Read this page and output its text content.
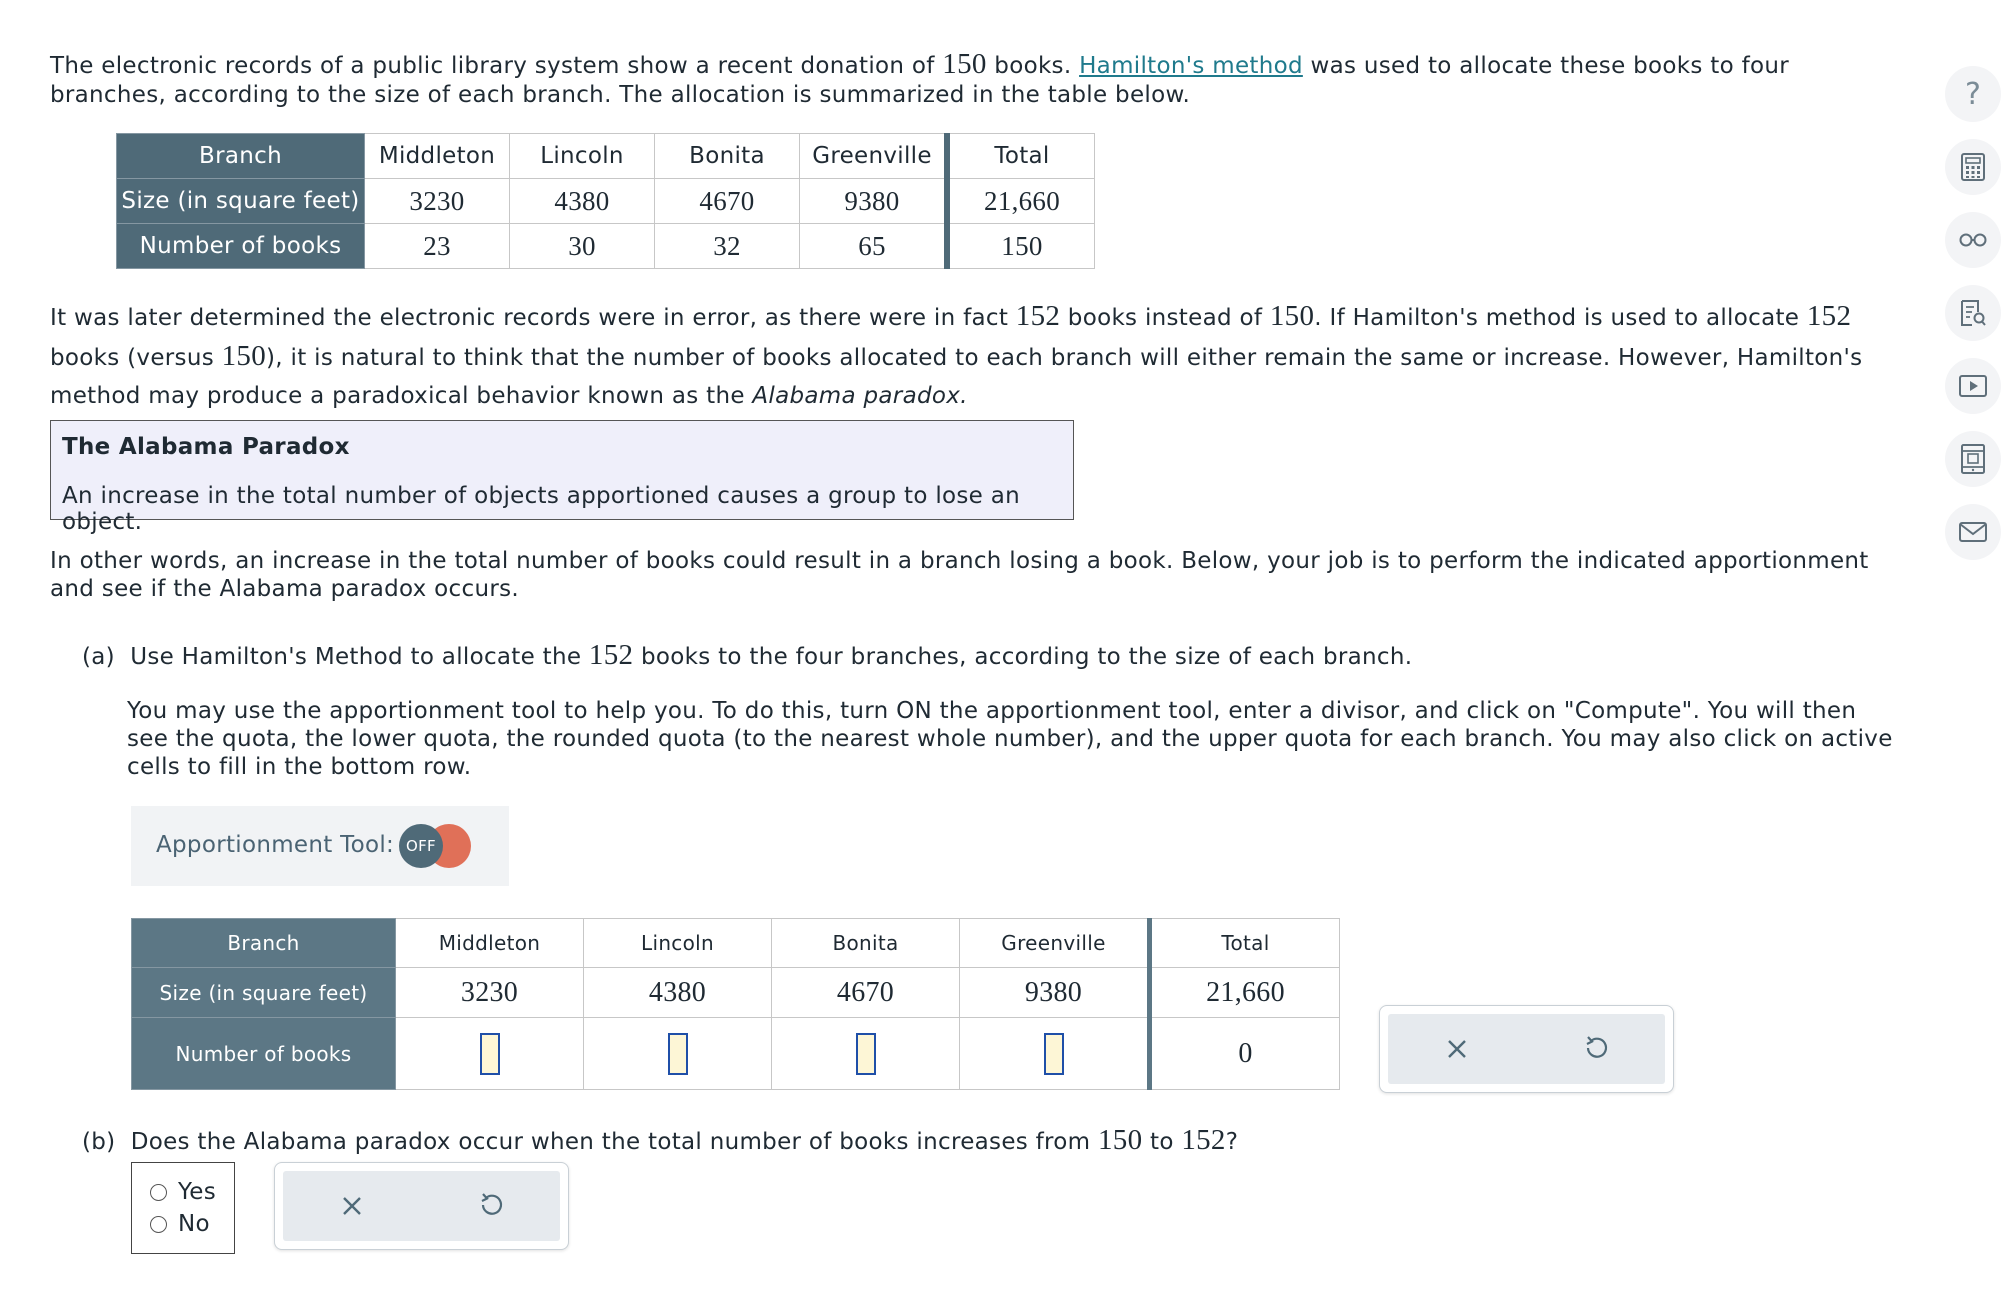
The electronic records of a public library system show a recent donation of 150 books. Hamilton's method was used to allocate these books to four branches, according to the size of each branch. The allocation is summarized in the table below.

Branch	Middleton	Lincoln	Bonita	Greenville	Total
Size (in square feet)	3230	4380	4670	9380	21,660
Number of books	23	30	32	65	150

It was later determined the electronic records were in error, as there were in fact 152 books instead of 150. If Hamilton's method is used to allocate 152 books (versus 150), it is natural to think that the number of books allocated to each branch will either remain the same or increase. However, Hamilton's method may produce a paradoxical behavior known as the Alabama paradox.

The Alabama Paradox
An increase in the total number of objects apportioned causes a group to lose an object.

In other words, an increase in the total number of books could result in a branch losing a book. Below, your job is to perform the indicated apportionment and see if the Alabama paradox occurs.

(a) Use Hamilton's Method to allocate the 152 books to the four branches, according to the size of each branch.

You may use the apportionment tool to help you. To do this, turn ON the apportionment tool, enter a divisor, and click on "Compute". You will then see the quota, the lower quota, the rounded quota (to the nearest whole number), and the upper quota for each branch. You may also click on active cells to fill in the bottom row.

Apportionment Tool: OFF
Branch	Middleton	Lincoln	Bonita	Greenville	Total
Size (in square feet)	3230	4380	4670	9380	21,660
Number of books					0

(b) Does the Alabama paradox occur when the total number of books increases from 150 to 152?

Yes
No
?
